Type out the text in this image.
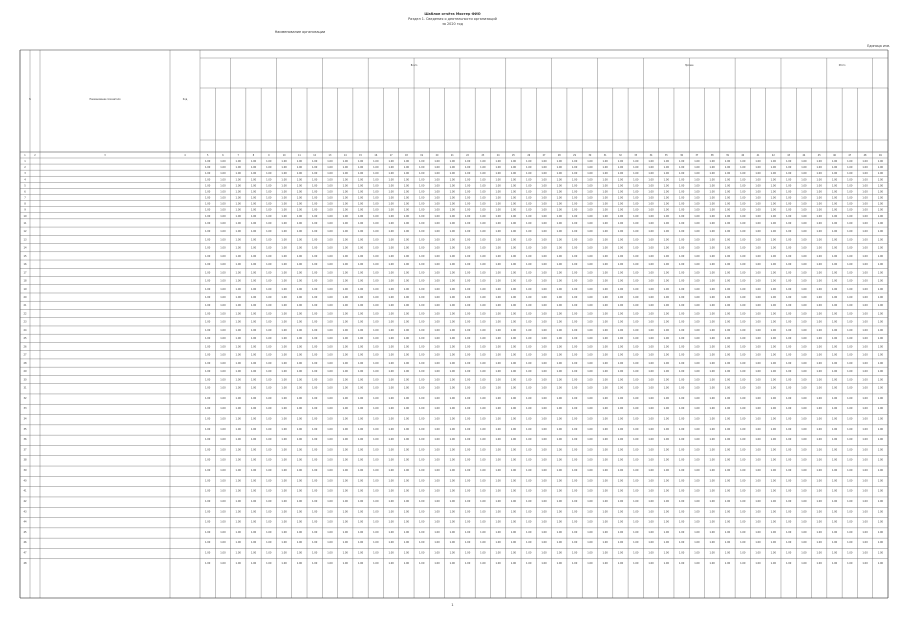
Шаблон отчёта Мистер ФИО
Раздел 1. Сведения о деятельности организаций
за 2020 год
Наименование организации
Единица изм.
N	Наименование показателя	Код
Всего	Прочие	Итого
1	2	3	4	5	6	7	8	9	10	11	12	13	14	15	16	17	18	19	20	21	22	23	24	25	26	27	28	29	30	31	32	33	34	35	36	37	38	39	40	41	42	43	44	45	46	47	48	49
1	1.00	1.00	1.00	1.00	1.00	1.00	1.00	1.00	1.00	1.00	1.00	1.00	1.00	1.00	1.00	1.00	1.00	1.00	1.00	1.00	1.00	1.00	1.00	1.00	1.00	1.00	1.00	1.00	1.00	1.00	1.00	1.00	1.00	1.00	1.00	1.00	1.00	1.00	1.00	1.00	1.00	1.00	1.00	1.00	1.00
2	1.00	1.00	1.00	1.00	1.00	1.00	1.00	1.00	1.00	1.00	1.00	1.00	1.00	1.00	1.00	1.00	1.00	1.00	1.00	1.00	1.00	1.00	1.00	1.00	1.00	1.00	1.00	1.00	1.00	1.00	1.00	1.00	1.00	1.00	1.00	1.00	1.00	1.00	1.00	1.00	1.00	1.00	1.00	1.00	1.00
3	1.00	1.00	1.00	1.00	1.00	1.00	1.00	1.00	1.00	1.00	1.00	1.00	1.00	1.00	1.00	1.00	1.00	1.00	1.00	1.00	1.00	1.00	1.00	1.00	1.00	1.00	1.00	1.00	1.00	1.00	1.00	1.00	1.00	1.00	1.00	1.00	1.00	1.00	1.00	1.00	1.00	1.00	1.00	1.00	1.00
4	1.00	1.00	1.00	1.00	1.00	1.00	1.00	1.00	1.00	1.00	1.00	1.00	1.00	1.00	1.00	1.00	1.00	1.00	1.00	1.00	1.00	1.00	1.00	1.00	1.00	1.00	1.00	1.00	1.00	1.00	1.00	1.00	1.00	1.00	1.00	1.00	1.00	1.00	1.00	1.00	1.00	1.00	1.00	1.00	1.00
5	1.00	1.00	1.00	1.00	1.00	1.00	1.00	1.00	1.00	1.00	1.00	1.00	1.00	1.00	1.00	1.00	1.00	1.00	1.00	1.00	1.00	1.00	1.00	1.00	1.00	1.00	1.00	1.00	1.00	1.00	1.00	1.00	1.00	1.00	1.00	1.00	1.00	1.00	1.00	1.00	1.00	1.00	1.00	1.00	1.00
6	1.00	1.00	1.00	1.00	1.00	1.00	1.00	1.00	1.00	1.00	1.00	1.00	1.00	1.00	1.00	1.00	1.00	1.00	1.00	1.00	1.00	1.00	1.00	1.00	1.00	1.00	1.00	1.00	1.00	1.00	1.00	1.00	1.00	1.00	1.00	1.00	1.00	1.00	1.00	1.00	1.00	1.00	1.00	1.00	1.00
7	1.00	1.00	1.00	1.00	1.00	1.00	1.00	1.00	1.00	1.00	1.00	1.00	1.00	1.00	1.00	1.00	1.00	1.00	1.00	1.00	1.00	1.00	1.00	1.00	1.00	1.00	1.00	1.00	1.00	1.00	1.00	1.00	1.00	1.00	1.00	1.00	1.00	1.00	1.00	1.00	1.00	1.00	1.00	1.00	1.00
8	1.00	1.00	1.00	1.00	1.00	1.00	1.00	1.00	1.00	1.00	1.00	1.00	1.00	1.00	1.00	1.00	1.00	1.00	1.00	1.00	1.00	1.00	1.00	1.00	1.00	1.00	1.00	1.00	1.00	1.00	1.00	1.00	1.00	1.00	1.00	1.00	1.00	1.00	1.00	1.00	1.00	1.00	1.00	1.00	1.00
9	1.00	1.00	1.00	1.00	1.00	1.00	1.00	1.00	1.00	1.00	1.00	1.00	1.00	1.00	1.00	1.00	1.00	1.00	1.00	1.00	1.00	1.00	1.00	1.00	1.00	1.00	1.00	1.00	1.00	1.00	1.00	1.00	1.00	1.00	1.00	1.00	1.00	1.00	1.00	1.00	1.00	1.00	1.00	1.00	1.00
10	1.00	1.00	1.00	1.00	1.00	1.00	1.00	1.00	1.00	1.00	1.00	1.00	1.00	1.00	1.00	1.00	1.00	1.00	1.00	1.00	1.00	1.00	1.00	1.00	1.00	1.00	1.00	1.00	1.00	1.00	1.00	1.00	1.00	1.00	1.00	1.00	1.00	1.00	1.00	1.00	1.00	1.00	1.00	1.00	1.00
11	1.00	1.00	1.00	1.00	1.00	1.00	1.00	1.00	1.00	1.00	1.00	1.00	1.00	1.00	1.00	1.00	1.00	1.00	1.00	1.00	1.00	1.00	1.00	1.00	1.00	1.00	1.00	1.00	1.00	1.00	1.00	1.00	1.00	1.00	1.00	1.00	1.00	1.00	1.00	1.00	1.00	1.00	1.00	1.00	1.00
12	1.00	1.00	1.00	1.00	1.00	1.00	1.00	1.00	1.00	1.00	1.00	1.00	1.00	1.00	1.00	1.00	1.00	1.00	1.00	1.00	1.00	1.00	1.00	1.00	1.00	1.00	1.00	1.00	1.00	1.00	1.00	1.00	1.00	1.00	1.00	1.00	1.00	1.00	1.00	1.00	1.00	1.00	1.00	1.00	1.00
13	1.00	1.00	1.00	1.00	1.00	1.00	1.00	1.00	1.00	1.00	1.00	1.00	1.00	1.00	1.00	1.00	1.00	1.00	1.00	1.00	1.00	1.00	1.00	1.00	1.00	1.00	1.00	1.00	1.00	1.00	1.00	1.00	1.00	1.00	1.00	1.00	1.00	1.00	1.00	1.00	1.00	1.00	1.00	1.00	1.00
14	1.00	1.00	1.00	1.00	1.00	1.00	1.00	1.00	1.00	1.00	1.00	1.00	1.00	1.00	1.00	1.00	1.00	1.00	1.00	1.00	1.00	1.00	1.00	1.00	1.00	1.00	1.00	1.00	1.00	1.00	1.00	1.00	1.00	1.00	1.00	1.00	1.00	1.00	1.00	1.00	1.00	1.00	1.00	1.00	1.00
15	1.00	1.00	1.00	1.00	1.00	1.00	1.00	1.00	1.00	1.00	1.00	1.00	1.00	1.00	1.00	1.00	1.00	1.00	1.00	1.00	1.00	1.00	1.00	1.00	1.00	1.00	1.00	1.00	1.00	1.00	1.00	1.00	1.00	1.00	1.00	1.00	1.00	1.00	1.00	1.00	1.00	1.00	1.00	1.00	1.00
16	1.00	1.00	1.00	1.00	1.00	1.00	1.00	1.00	1.00	1.00	1.00	1.00	1.00	1.00	1.00	1.00	1.00	1.00	1.00	1.00	1.00	1.00	1.00	1.00	1.00	1.00	1.00	1.00	1.00	1.00	1.00	1.00	1.00	1.00	1.00	1.00	1.00	1.00	1.00	1.00	1.00	1.00	1.00	1.00	1.00
17	1.00	1.00	1.00	1.00	1.00	1.00	1.00	1.00	1.00	1.00	1.00	1.00	1.00	1.00	1.00	1.00	1.00	1.00	1.00	1.00	1.00	1.00	1.00	1.00	1.00	1.00	1.00	1.00	1.00	1.00	1.00	1.00	1.00	1.00	1.00	1.00	1.00	1.00	1.00	1.00	1.00	1.00	1.00	1.00	1.00
18	1.00	1.00	1.00	1.00	1.00	1.00	1.00	1.00	1.00	1.00	1.00	1.00	1.00	1.00	1.00	1.00	1.00	1.00	1.00	1.00	1.00	1.00	1.00	1.00	1.00	1.00	1.00	1.00	1.00	1.00	1.00	1.00	1.00	1.00	1.00	1.00	1.00	1.00	1.00	1.00	1.00	1.00	1.00	1.00	1.00
19	1.00	1.00	1.00	1.00	1.00	1.00	1.00	1.00	1.00	1.00	1.00	1.00	1.00	1.00	1.00	1.00	1.00	1.00	1.00	1.00	1.00	1.00	1.00	1.00	1.00	1.00	1.00	1.00	1.00	1.00	1.00	1.00	1.00	1.00	1.00	1.00	1.00	1.00	1.00	1.00	1.00	1.00	1.00	1.00	1.00
20	1.00	1.00	1.00	1.00	1.00	1.00	1.00	1.00	1.00	1.00	1.00	1.00	1.00	1.00	1.00	1.00	1.00	1.00	1.00	1.00	1.00	1.00	1.00	1.00	1.00	1.00	1.00	1.00	1.00	1.00	1.00	1.00	1.00	1.00	1.00	1.00	1.00	1.00	1.00	1.00	1.00	1.00	1.00	1.00	1.00
21	1.00	1.00	1.00	1.00	1.00	1.00	1.00	1.00	1.00	1.00	1.00	1.00	1.00	1.00	1.00	1.00	1.00	1.00	1.00	1.00	1.00	1.00	1.00	1.00	1.00	1.00	1.00	1.00	1.00	1.00	1.00	1.00	1.00	1.00	1.00	1.00	1.00	1.00	1.00	1.00	1.00	1.00	1.00	1.00	1.00
22	1.00	1.00	1.00	1.00	1.00	1.00	1.00	1.00	1.00	1.00	1.00	1.00	1.00	1.00	1.00	1.00	1.00	1.00	1.00	1.00	1.00	1.00	1.00	1.00	1.00	1.00	1.00	1.00	1.00	1.00	1.00	1.00	1.00	1.00	1.00	1.00	1.00	1.00	1.00	1.00	1.00	1.00	1.00	1.00	1.00
23	1.00	1.00	1.00	1.00	1.00	1.00	1.00	1.00	1.00	1.00	1.00	1.00	1.00	1.00	1.00	1.00	1.00	1.00	1.00	1.00	1.00	1.00	1.00	1.00	1.00	1.00	1.00	1.00	1.00	1.00	1.00	1.00	1.00	1.00	1.00	1.00	1.00	1.00	1.00	1.00	1.00	1.00	1.00	1.00	1.00
24	1.00	1.00	1.00	1.00	1.00	1.00	1.00	1.00	1.00	1.00	1.00	1.00	1.00	1.00	1.00	1.00	1.00	1.00	1.00	1.00	1.00	1.00	1.00	1.00	1.00	1.00	1.00	1.00	1.00	1.00	1.00	1.00	1.00	1.00	1.00	1.00	1.00	1.00	1.00	1.00	1.00	1.00	1.00	1.00	1.00
25	1.00	1.00	1.00	1.00	1.00	1.00	1.00	1.00	1.00	1.00	1.00	1.00	1.00	1.00	1.00	1.00	1.00	1.00	1.00	1.00	1.00	1.00	1.00	1.00	1.00	1.00	1.00	1.00	1.00	1.00	1.00	1.00	1.00	1.00	1.00	1.00	1.00	1.00	1.00	1.00	1.00	1.00	1.00	1.00	1.00
26	1.00	1.00	1.00	1.00	1.00	1.00	1.00	1.00	1.00	1.00	1.00	1.00	1.00	1.00	1.00	1.00	1.00	1.00	1.00	1.00	1.00	1.00	1.00	1.00	1.00	1.00	1.00	1.00	1.00	1.00	1.00	1.00	1.00	1.00	1.00	1.00	1.00	1.00	1.00	1.00	1.00	1.00	1.00	1.00	1.00
27	1.00	1.00	1.00	1.00	1.00	1.00	1.00	1.00	1.00	1.00	1.00	1.00	1.00	1.00	1.00	1.00	1.00	1.00	1.00	1.00	1.00	1.00	1.00	1.00	1.00	1.00	1.00	1.00	1.00	1.00	1.00	1.00	1.00	1.00	1.00	1.00	1.00	1.00	1.00	1.00	1.00	1.00	1.00	1.00	1.00
28	1.00	1.00	1.00	1.00	1.00	1.00	1.00	1.00	1.00	1.00	1.00	1.00	1.00	1.00	1.00	1.00	1.00	1.00	1.00	1.00	1.00	1.00	1.00	1.00	1.00	1.00	1.00	1.00	1.00	1.00	1.00	1.00	1.00	1.00	1.00	1.00	1.00	1.00	1.00	1.00	1.00	1.00	1.00	1.00	1.00
29	1.00	1.00	1.00	1.00	1.00	1.00	1.00	1.00	1.00	1.00	1.00	1.00	1.00	1.00	1.00	1.00	1.00	1.00	1.00	1.00	1.00	1.00	1.00	1.00	1.00	1.00	1.00	1.00	1.00	1.00	1.00	1.00	1.00	1.00	1.00	1.00	1.00	1.00	1.00	1.00	1.00	1.00	1.00	1.00	1.00
30	1.00	1.00	1.00	1.00	1.00	1.00	1.00	1.00	1.00	1.00	1.00	1.00	1.00	1.00	1.00	1.00	1.00	1.00	1.00	1.00	1.00	1.00	1.00	1.00	1.00	1.00	1.00	1.00	1.00	1.00	1.00	1.00	1.00	1.00	1.00	1.00	1.00	1.00	1.00	1.00	1.00	1.00	1.00	1.00	1.00
31	1.00	1.00	1.00	1.00	1.00	1.00	1.00	1.00	1.00	1.00	1.00	1.00	1.00	1.00	1.00	1.00	1.00	1.00	1.00	1.00	1.00	1.00	1.00	1.00	1.00	1.00	1.00	1.00	1.00	1.00	1.00	1.00	1.00	1.00	1.00	1.00	1.00	1.00	1.00	1.00	1.00	1.00	1.00	1.00	1.00
32	1.00	1.00	1.00	1.00	1.00	1.00	1.00	1.00	1.00	1.00	1.00	1.00	1.00	1.00	1.00	1.00	1.00	1.00	1.00	1.00	1.00	1.00	1.00	1.00	1.00	1.00	1.00	1.00	1.00	1.00	1.00	1.00	1.00	1.00	1.00	1.00	1.00	1.00	1.00	1.00	1.00	1.00	1.00	1.00	1.00
33	1.00	1.00	1.00	1.00	1.00	1.00	1.00	1.00	1.00	1.00	1.00	1.00	1.00	1.00	1.00	1.00	1.00	1.00	1.00	1.00	1.00	1.00	1.00	1.00	1.00	1.00	1.00	1.00	1.00	1.00	1.00	1.00	1.00	1.00	1.00	1.00	1.00	1.00	1.00	1.00	1.00	1.00	1.00	1.00	1.00
34	1.00	1.00	1.00	1.00	1.00	1.00	1.00	1.00	1.00	1.00	1.00	1.00	1.00	1.00	1.00	1.00	1.00	1.00	1.00	1.00	1.00	1.00	1.00	1.00	1.00	1.00	1.00	1.00	1.00	1.00	1.00	1.00	1.00	1.00	1.00	1.00	1.00	1.00	1.00	1.00	1.00	1.00	1.00	1.00	1.00
35	1.00	1.00	1.00	1.00	1.00	1.00	1.00	1.00	1.00	1.00	1.00	1.00	1.00	1.00	1.00	1.00	1.00	1.00	1.00	1.00	1.00	1.00	1.00	1.00	1.00	1.00	1.00	1.00	1.00	1.00	1.00	1.00	1.00	1.00	1.00	1.00	1.00	1.00	1.00	1.00	1.00	1.00	1.00	1.00	1.00
36	1.00	1.00	1.00	1.00	1.00	1.00	1.00	1.00	1.00	1.00	1.00	1.00	1.00	1.00	1.00	1.00	1.00	1.00	1.00	1.00	1.00	1.00	1.00	1.00	1.00	1.00	1.00	1.00	1.00	1.00	1.00	1.00	1.00	1.00	1.00	1.00	1.00	1.00	1.00	1.00	1.00	1.00	1.00	1.00	1.00
37	1.00	1.00	1.00	1.00	1.00	1.00	1.00	1.00	1.00	1.00	1.00	1.00	1.00	1.00	1.00	1.00	1.00	1.00	1.00	1.00	1.00	1.00	1.00	1.00	1.00	1.00	1.00	1.00	1.00	1.00	1.00	1.00	1.00	1.00	1.00	1.00	1.00	1.00	1.00	1.00	1.00	1.00	1.00	1.00	1.00
38	1.00	1.00	1.00	1.00	1.00	1.00	1.00	1.00	1.00	1.00	1.00	1.00	1.00	1.00	1.00	1.00	1.00	1.00	1.00	1.00	1.00	1.00	1.00	1.00	1.00	1.00	1.00	1.00	1.00	1.00	1.00	1.00	1.00	1.00	1.00	1.00	1.00	1.00	1.00	1.00	1.00	1.00	1.00	1.00	1.00
39	1.00	1.00	1.00	1.00	1.00	1.00	1.00	1.00	1.00	1.00	1.00	1.00	1.00	1.00	1.00	1.00	1.00	1.00	1.00	1.00	1.00	1.00	1.00	1.00	1.00	1.00	1.00	1.00	1.00	1.00	1.00	1.00	1.00	1.00	1.00	1.00	1.00	1.00	1.00	1.00	1.00	1.00	1.00	1.00	1.00
40	1.00	1.00	1.00	1.00	1.00	1.00	1.00	1.00	1.00	1.00	1.00	1.00	1.00	1.00	1.00	1.00	1.00	1.00	1.00	1.00	1.00	1.00	1.00	1.00	1.00	1.00	1.00	1.00	1.00	1.00	1.00	1.00	1.00	1.00	1.00	1.00	1.00	1.00	1.00	1.00	1.00	1.00	1.00	1.00	1.00
41	1.00	1.00	1.00	1.00	1.00	1.00	1.00	1.00	1.00	1.00	1.00	1.00	1.00	1.00	1.00	1.00	1.00	1.00	1.00	1.00	1.00	1.00	1.00	1.00	1.00	1.00	1.00	1.00	1.00	1.00	1.00	1.00	1.00	1.00	1.00	1.00	1.00	1.00	1.00	1.00	1.00	1.00	1.00	1.00	1.00
42	1.00	1.00	1.00	1.00	1.00	1.00	1.00	1.00	1.00	1.00	1.00	1.00	1.00	1.00	1.00	1.00	1.00	1.00	1.00	1.00	1.00	1.00	1.00	1.00	1.00	1.00	1.00	1.00	1.00	1.00	1.00	1.00	1.00	1.00	1.00	1.00	1.00	1.00	1.00	1.00	1.00	1.00	1.00	1.00	1.00
43	1.00	1.00	1.00	1.00	1.00	1.00	1.00	1.00	1.00	1.00	1.00	1.00	1.00	1.00	1.00	1.00	1.00	1.00	1.00	1.00	1.00	1.00	1.00	1.00	1.00	1.00	1.00	1.00	1.00	1.00	1.00	1.00	1.00	1.00	1.00	1.00	1.00	1.00	1.00	1.00	1.00	1.00	1.00	1.00	1.00
44	1.00	1.00	1.00	1.00	1.00	1.00	1.00	1.00	1.00	1.00	1.00	1.00	1.00	1.00	1.00	1.00	1.00	1.00	1.00	1.00	1.00	1.00	1.00	1.00	1.00	1.00	1.00	1.00	1.00	1.00	1.00	1.00	1.00	1.00	1.00	1.00	1.00	1.00	1.00	1.00	1.00	1.00	1.00	1.00	1.00
45	1.00	1.00	1.00	1.00	1.00	1.00	1.00	1.00	1.00	1.00	1.00	1.00	1.00	1.00	1.00	1.00	1.00	1.00	1.00	1.00	1.00	1.00	1.00	1.00	1.00	1.00	1.00	1.00	1.00	1.00	1.00	1.00	1.00	1.00	1.00	1.00	1.00	1.00	1.00	1.00	1.00	1.00	1.00	1.00	1.00
46	1.00	1.00	1.00	1.00	1.00	1.00	1.00	1.00	1.00	1.00	1.00	1.00	1.00	1.00	1.00	1.00	1.00	1.00	1.00	1.00	1.00	1.00	1.00	1.00	1.00	1.00	1.00	1.00	1.00	1.00	1.00	1.00	1.00	1.00	1.00	1.00	1.00	1.00	1.00	1.00	1.00	1.00	1.00	1.00	1.00
47	1.00	1.00	1.00	1.00	1.00	1.00	1.00	1.00	1.00	1.00	1.00	1.00	1.00	1.00	1.00	1.00	1.00	1.00	1.00	1.00	1.00	1.00	1.00	1.00	1.00	1.00	1.00	1.00	1.00	1.00	1.00	1.00	1.00	1.00	1.00	1.00	1.00	1.00	1.00	1.00	1.00	1.00	1.00	1.00	1.00
48	1.00	1.00	1.00	1.00	1.00	1.00	1.00	1.00	1.00	1.00	1.00	1.00	1.00	1.00	1.00	1.00	1.00	1.00	1.00	1.00	1.00	1.00	1.00	1.00	1.00	1.00	1.00	1.00	1.00	1.00	1.00	1.00	1.00	1.00	1.00	1.00	1.00	1.00	1.00	1.00	1.00	1.00	1.00	1.00	1.00
1
